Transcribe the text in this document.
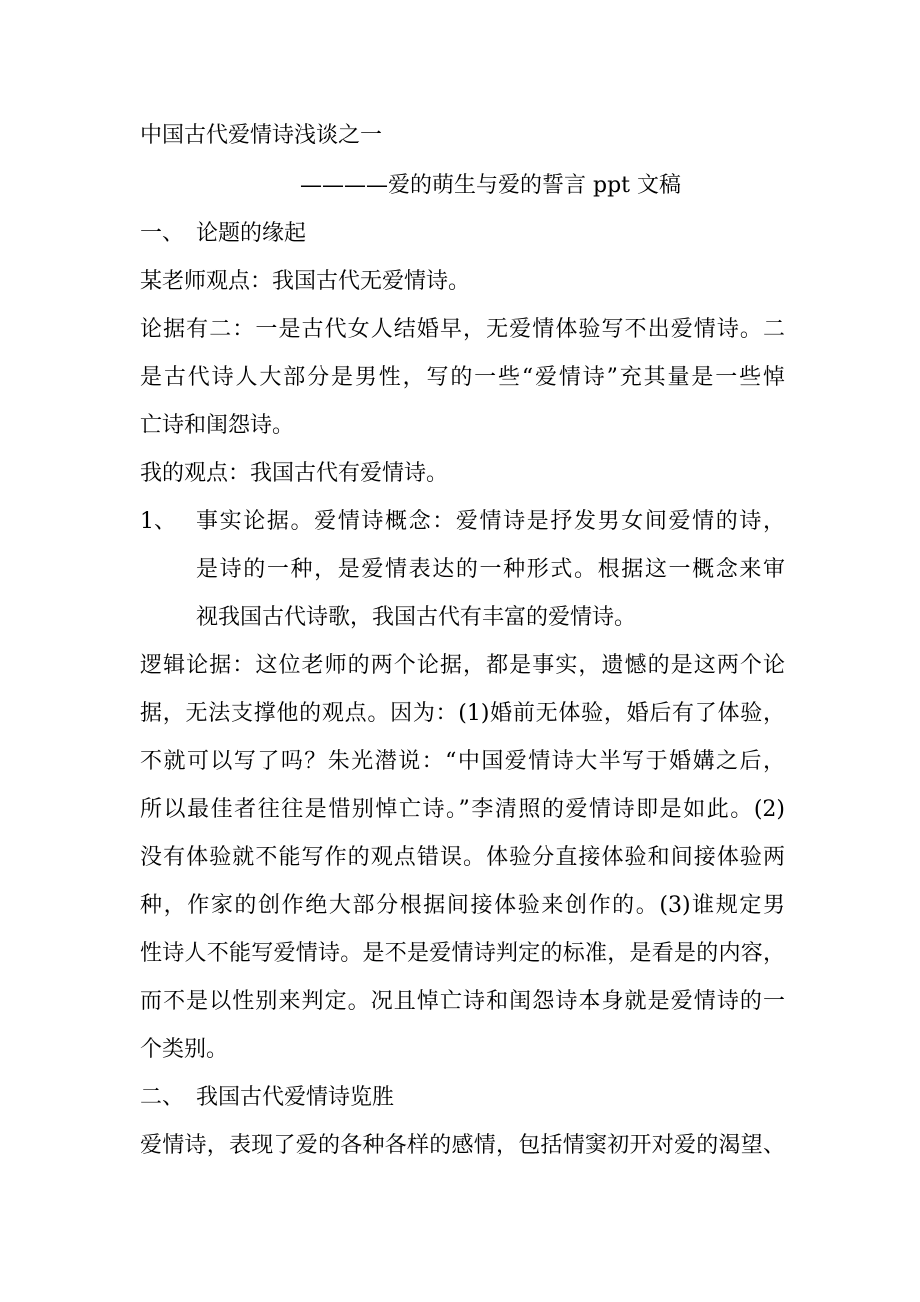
中国古代爱情诗浅谈之一
————爱的萌生与爱的誓言 ppt 文稿
一、 论题的缘起
某老师观点：我国古代无爱情诗。
论据有二：一是古代女人结婚早，无爱情体验写不出爱情诗。二
是古代诗人大部分是男性，写的一些“爱情诗”充其量是一些悼
亡诗和闺怨诗。
我的观点：我国古代有爱情诗。
1、 事实论据。爱情诗概念：爱情诗是抒发男女间爱情的诗，
是诗的一种，是爱情表达的一种形式。根据这一概念来审
视我国古代诗歌，我国古代有丰富的爱情诗。
逻辑论据：这位老师的两个论据，都是事实，遗憾的是这两个论
据，无法支撑他的观点。因为：(1)婚前无体验，婚后有了体验，
不就可以写了吗？朱光潜说：“中国爱情诗大半写于婚媾之后，
所以最佳者往往是惜别悼亡诗。”李清照的爱情诗即是如此。(2)
没有体验就不能写作的观点错误。体验分直接体验和间接体验两
种，作家的创作绝大部分根据间接体验来创作的。(3)谁规定男
性诗人不能写爱情诗。是不是爱情诗判定的标准，是看是的内容，
而不是以性别来判定。况且悼亡诗和闺怨诗本身就是爱情诗的一
个类别。
二、 我国古代爱情诗览胜
爱情诗，表现了爱的各种各样的感情，包括情窦初开对爱的渴望、
